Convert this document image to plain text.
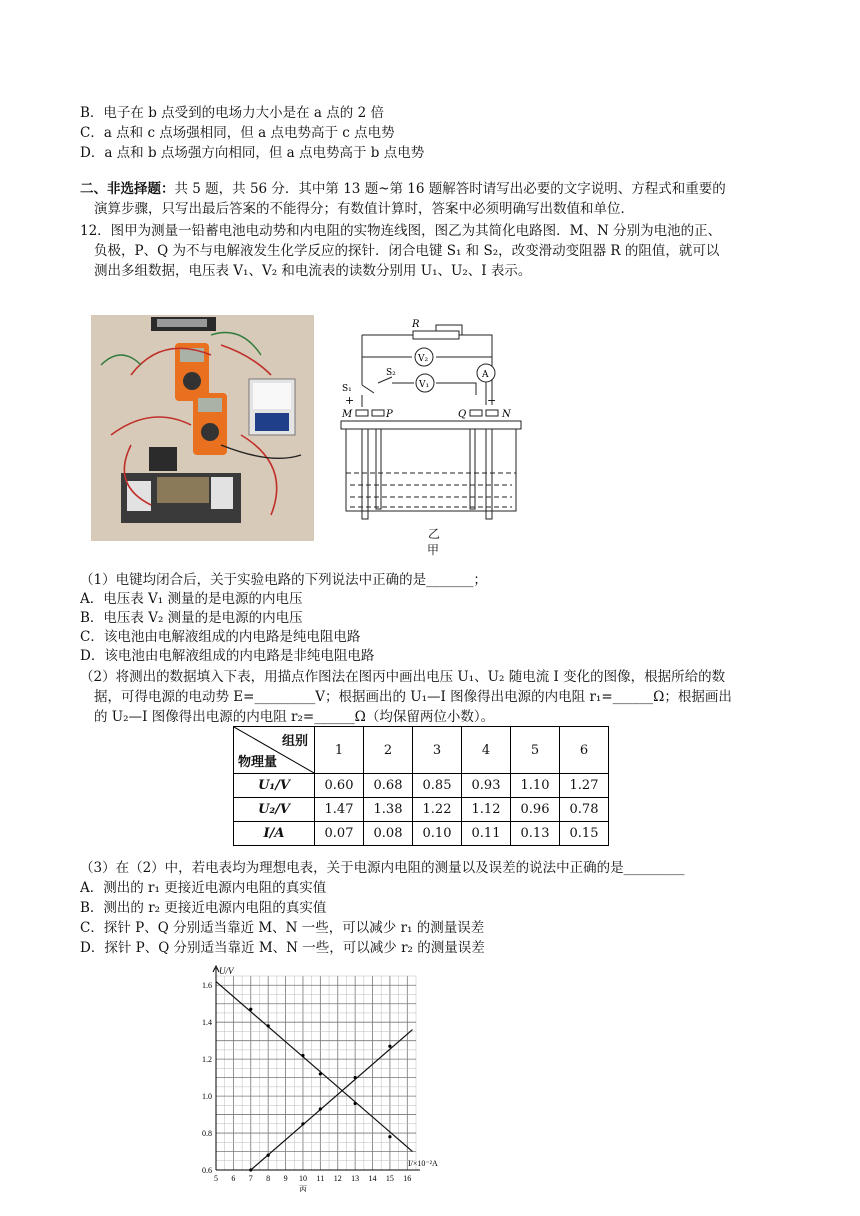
B．电子在 b 点受到的电场力大小是在 a 点的 2 倍
C．a 点和 c 点场强相同，但 a 点电势高于 c 点电势
D．a 点和 b 点场强方向相同，但 a 点电势高于 b 点电势
二、非选择题：共 5 题，共 56 分．其中第 13 题~第 16 题解答时请写出必要的文字说明、方程式和重要的
演算步骤，只写出最后答案的不能得分；有数值计算时，答案中必须明确写出数值和单位．
12．图甲为测量一铅蓄电池电动势和内电阻的实物连线图，图乙为其简化电路图．M、N 分别为电池的正、
负极，P、Q 为不与电解液发生化学反应的探针．闭合电键 S₁ 和 S₂，改变滑动变阻器 R 的阻值，就可以
测出多组数据，电压表 V₁、V₂ 和电流表的读数分别用 U₁、U₂、I 表示。
R
V₂
V₁
A
S₂
S₁
+	−
M	P	Q	N
乙
甲
（1）电键均闭合后，关于实验电路的下列说法中正确的是_______；
A．电压表 V₁ 测量的是电源的内电压
B．电压表 V₂ 测量的是电源的内电压
C．该电池由电解液组成的内电路是纯电阻电路
D．该电池由电解液组成的内电路是非纯电阻电路
（2）将测出的数据填入下表，用描点作图法在图丙中画出电压 U₁、U₂ 随电流 I 变化的图像，根据所给的数
据，可得电源的电动势 E=_________V；根据画出的 U₁—I 图像得出电源的内电阻 r₁=______Ω；根据画出
的 U₂—I 图像得出电源的内电阻 r₂=______Ω（均保留两位小数）。
组别
物理量	1	2	3	4	5	6
U₁/V	0.60	0.68	0.85	0.93	1.10	1.27
U₂/V	1.47	1.38	1.22	1.12	0.96	0.78
I/A	0.07	0.08	0.10	0.11	0.13	0.15
（3）在（2）中，若电表均为理想电表，关于电源内电阻的测量以及误差的说法中正确的是_________
A．测出的 r₁ 更接近电源内电阻的真实值
B．测出的 r₂ 更接近电源内电阻的真实值
C．探针 P、Q 分别适当靠近 M、N 一些，可以减少 r₁ 的测量误差
D．探针 P、Q 分别适当靠近 M、N 一些，可以减少 r₂ 的测量误差
5 6 7 8 9 10 11 12 13 14 15 16
0.6
0.8
1.0
1.2
1.4
1.6
U/V
I/×10⁻²A
丙
